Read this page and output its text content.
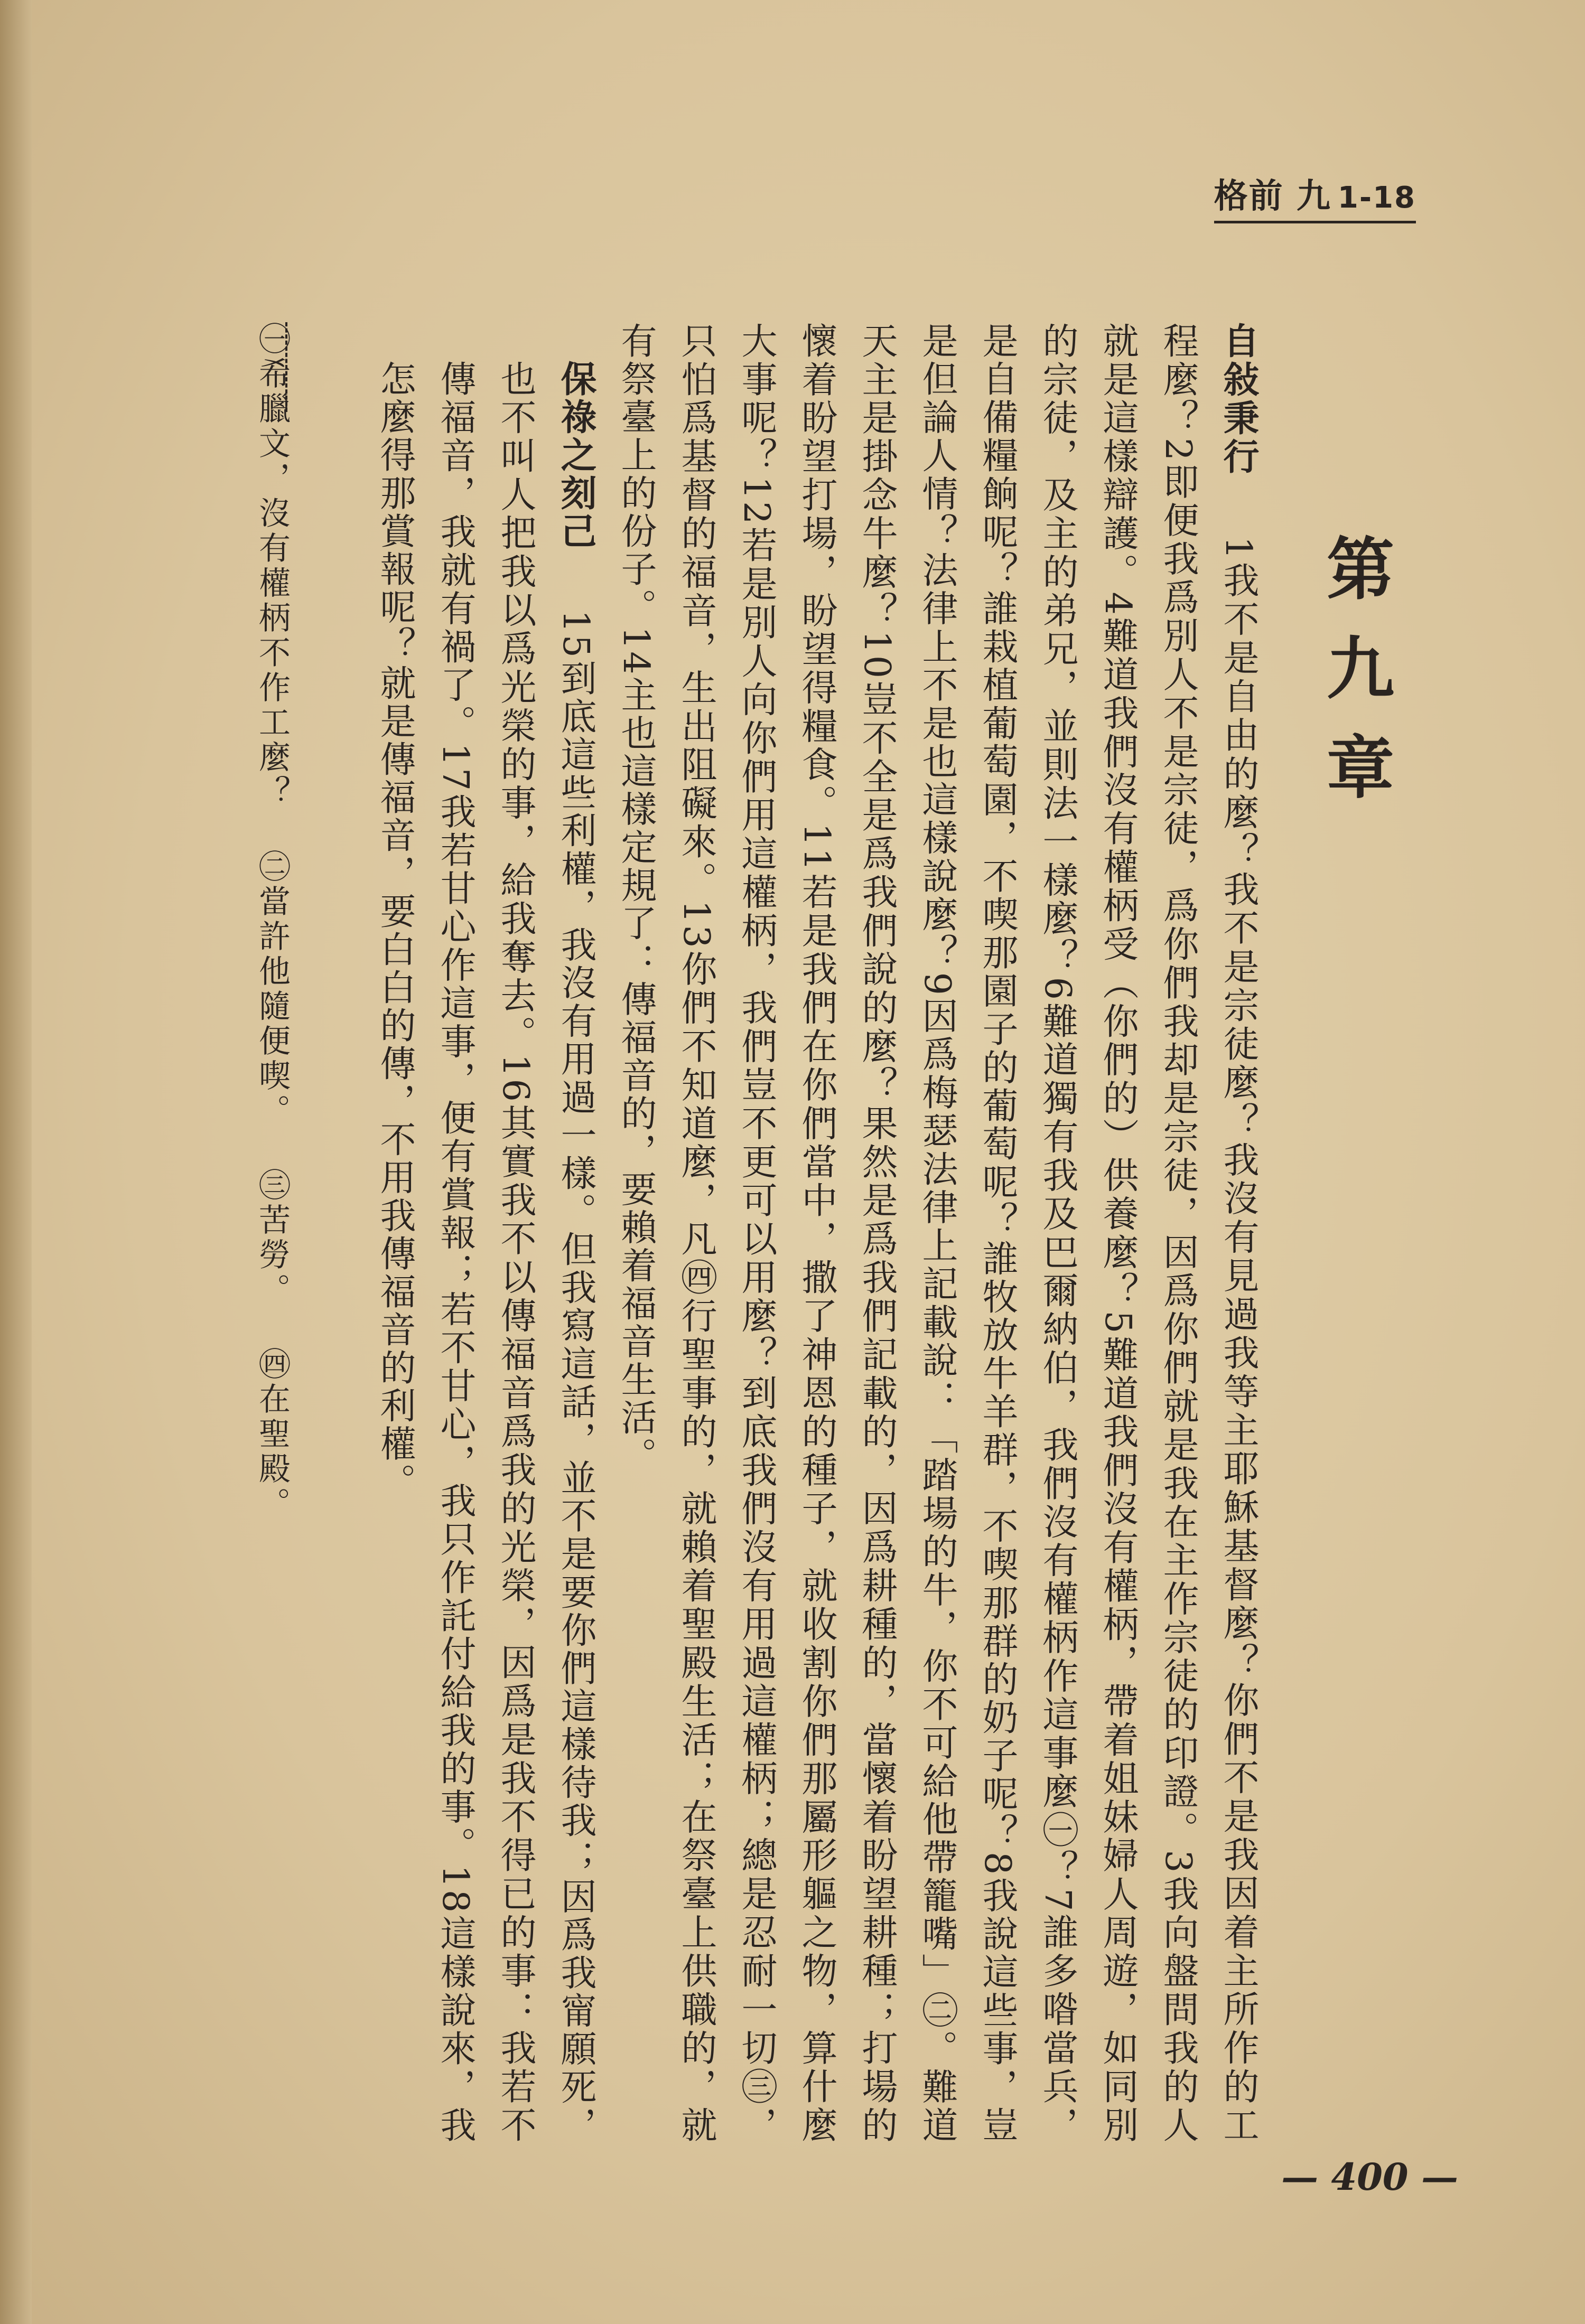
格前 九 1-18
第九章

自敍秉行　1我不是自由的麼？我不是宗徒麼？我沒有見過我等主耶穌基督麼？你們不是我因着主所作的工程麼？2即便我爲別人不是宗徒，爲你們我却是宗徒，因爲你們就是我在主作宗徒的印證。3我向盤問我的人就是這樣辯護。4難道我們沒有權柄受（你們的）供養麼？5難道我們沒有權柄，帶着姐妹婦人周遊，如同別的宗徒，及主的弟兄，並則法一樣麼？6難道獨有我及巴爾納伯，我們沒有權柄作這事麼㊀？7誰多喒當兵，是自備糧餉呢？誰栽植葡萄園，不喫那園子的葡萄呢？誰牧放牛羊群，不喫那群的奶子呢？8我說這些事，豈是但論人情？法律上不是也這樣說麼？9因爲梅瑟法律上記載說：「踏場的牛，你不可給他帶籠嘴」㊁。難道天主是掛念牛麼？10豈不全是爲我們說的麼？果然是爲我們記載的，因爲耕種的，當懷着盼望耕種；打場的懷着盼望打場，盼望得糧食。11若是我們在你們當中，撒了神恩的種子，就收割你們那屬形軀之物，算什麼大事呢？12若是別人向你們用這權柄，我們豈不更可以用麼？到底我們沒有用過這權柄；總是忍耐一切㊂，只怕爲基督的福音，生出阻礙來。13你們不知道麼，凡㊃行聖事的，就賴着聖殿生活；在祭臺上供職的，就有祭臺上的份子。14主也這樣定規了：傳福音的，要賴着福音生活。

保祿之刻己　15到底這些利權，我沒有用過一樣。但我寫這話，並不是要你們這樣待我；因爲我甯願死，也不叫人把我以爲光榮的事，給我奪去。16其實我不以傳福音爲我的光榮，因爲是我不得已的事：我若不傳福音，我就有禍了。17我若甘心作這事，便有賞報；若不甘心，我只作託付給我的事。18這樣說來，我怎麼得那賞報呢？就是傳福音，要白白的傳，不用我傳福音的利權。

㊀希臘文，沒有權柄不作工麼？ ㊁當許他隨便喫。 ㊂苦勞。 ㊃在聖殿。
— 400 —
